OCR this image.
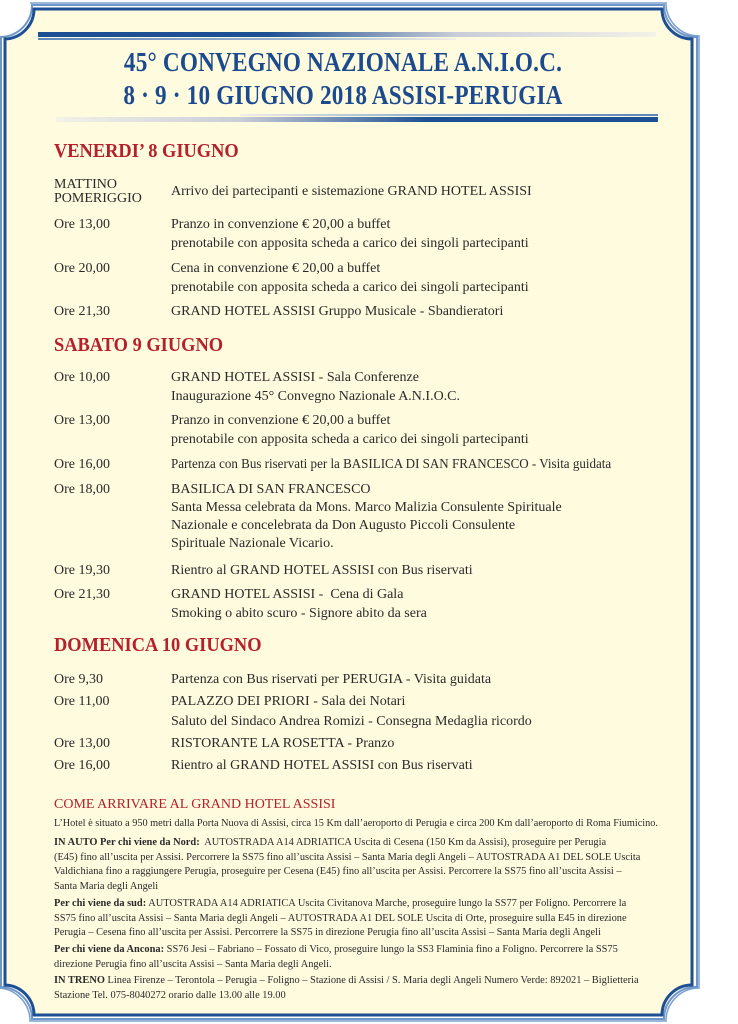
45° CONVEGNO NAZIONALE A.N.I.O.C.
8 · 9 · 10 GIUGNO 2018 ASSISI-PERUGIA
VENERDI’ 8 GIUGNO
MATTINO
POMERIGGIO	Arrivo dei partecipanti e sistemazione GRAND HOTEL ASSISI
Ore 13,00	Pranzo in convenzione € 20,00 a buffet
prenotabile con apposita scheda a carico dei singoli partecipanti
Ore 20,00	Cena in convenzione € 20,00 a buffet
prenotabile con apposita scheda a carico dei singoli partecipanti
Ore 21,30	GRAND HOTEL ASSISI Gruppo Musicale - Sbandieratori
SABATO 9 GIUGNO
Ore 10,00	GRAND HOTEL ASSISI - Sala Conferenze
Inaugurazione 45° Convegno Nazionale A.N.I.O.C.
Ore 13,00	Pranzo in convenzione € 20,00 a buffet
prenotabile con apposita scheda a carico dei singoli partecipanti
Ore 16,00	Partenza con Bus riservati per la BASILICA DI SAN FRANCESCO - Visita guidata
Ore 18,00	BASILICA DI SAN FRANCESCO
Santa Messa celebrata da Mons. Marco Malizia Consulente Spirituale
Nazionale e concelebrata da Don Augusto Piccoli Consulente
Spirituale Nazionale Vicario.
Ore 19,30	Rientro al GRAND HOTEL ASSISI con Bus riservati
Ore 21,30	GRAND HOTEL ASSISI -  Cena di Gala
Smoking o abito scuro - Signore abito da sera
DOMENICA 10 GIUGNO
Ore 9,30	Partenza con Bus riservati per PERUGIA - Visita guidata
Ore 11,00	PALAZZO DEI PRIORI - Sala dei Notari
Saluto del Sindaco Andrea Romizi - Consegna Medaglia ricordo
Ore 13,00	RISTORANTE LA ROSETTA - Pranzo
Ore 16,00	Rientro al GRAND HOTEL ASSISI con Bus riservati
COME ARRIVARE AL GRAND HOTEL ASSISI
L’Hotel è situato a 950 metri dalla Porta Nuova di Assisi, circa 15 Km dall’aeroporto di Perugia e circa 200 Km dall’aeroporto di Roma Fiumicino.
IN AUTO Per chi viene da Nord:  AUTOSTRADA A14 ADRIATICA Uscita di Cesena (150 Km da Assisi), proseguire per Perugia
(E45) fino all’uscita per Assisi. Percorrere la SS75 fino all’uscita Assisi – Santa Maria degli Angeli – AUTOSTRADA A1 DEL SOLE Uscita
Valdichiana fino a raggiungere Perugia, proseguire per Cesena (E45) fino all’uscita per Assisi. Percorrere la SS75 fino all’uscita Assisi –
Santa Maria degli Angeli
Per chi viene da sud: AUTOSTRADA A14 ADRIATICA Uscita Civitanova Marche, proseguire lungo la SS77 per Foligno. Percorrere la
SS75 fino all’uscita Assisi – Santa Maria degli Angeli – AUTOSTRADA A1 DEL SOLE Uscita di Orte, proseguire sulla E45 in direzione
Perugia – Cesena fino all’uscita per Assisi. Percorrere la SS75 in direzione Perugia fino all’uscita Assisi – Santa Maria degli Angeli
Per chi viene da Ancona: SS76 Jesi – Fabriano – Fossato di Vico, proseguire lungo la SS3 Flaminia fino a Foligno. Percorrere la SS75
direzione Perugia fino all’uscita Assisi – Santa Maria degli Angeli.
IN TRENO Linea Firenze – Terontola – Perugia – Foligno – Stazione di Assisi / S. Maria degli Angeli Numero Verde: 892021 – Biglietteria
Stazione Tel. 075-8040272 orario dalle 13.00 alle 19.00
